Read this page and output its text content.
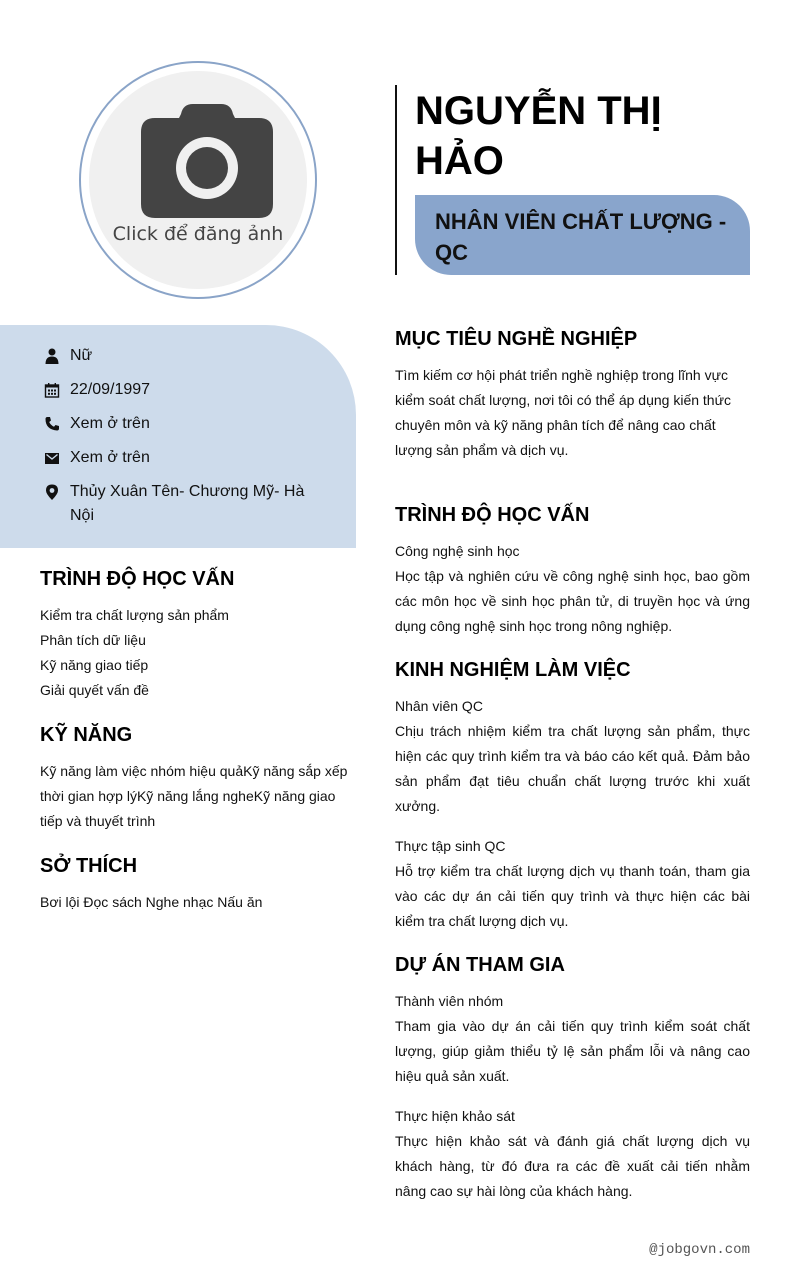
Click để đăng ảnh
NGUYỄN THỊ HẢO
NHÂN VIÊN CHẤT LƯỢNG - QC
Nữ
22/09/1997
Xem ở trên
Xem ở trên
Thủy Xuân Tên- Chương Mỹ- Hà Nội
TRÌNH ĐỘ HỌC VẤN
Kiểm tra chất lượng sản phẩm
Phân tích dữ liệu
Kỹ năng giao tiếp
Giải quyết vấn đề
KỸ NĂNG
Kỹ năng làm việc nhóm hiệu quảKỹ năng sắp xếp thời gian hợp lýKỹ năng lắng ngheKỹ năng giao tiếp và thuyết trình
SỞ THÍCH
Bơi lội Đọc sách Nghe nhạc Nấu ăn
MỤC TIÊU NGHỀ NGHIỆP
Tìm kiếm cơ hội phát triển nghề nghiệp trong lĩnh vực kiểm soát chất lượng, nơi tôi có thể áp dụng kiến thức chuyên môn và kỹ năng phân tích để nâng cao chất lượng sản phẩm và dịch vụ.
TRÌNH ĐỘ HỌC VẤN
Công nghệ sinh học
Học tập và nghiên cứu về công nghệ sinh học, bao gồm các môn học về sinh học phân tử, di truyền học và ứng dụng công nghệ sinh học trong nông nghiệp.
KINH NGHIỆM LÀM VIỆC
Nhân viên QC
Chịu trách nhiệm kiểm tra chất lượng sản phẩm, thực hiện các quy trình kiểm tra và báo cáo kết quả. Đảm bảo sản phẩm đạt tiêu chuẩn chất lượng trước khi xuất xưởng.
Thực tập sinh QC
Hỗ trợ kiểm tra chất lượng dịch vụ thanh toán, tham gia vào các dự án cải tiến quy trình và thực hiện các bài kiểm tra chất lượng dịch vụ.
DỰ ÁN THAM GIA
Thành viên nhóm
Tham gia vào dự án cải tiến quy trình kiểm soát chất lượng, giúp giảm thiểu tỷ lệ sản phẩm lỗi và nâng cao hiệu quả sản xuất.
Thực hiện khảo sát
Thực hiện khảo sát và đánh giá chất lượng dịch vụ khách hàng, từ đó đưa ra các đề xuất cải tiến nhằm nâng cao sự hài lòng của khách hàng.
@jobgovn.com
